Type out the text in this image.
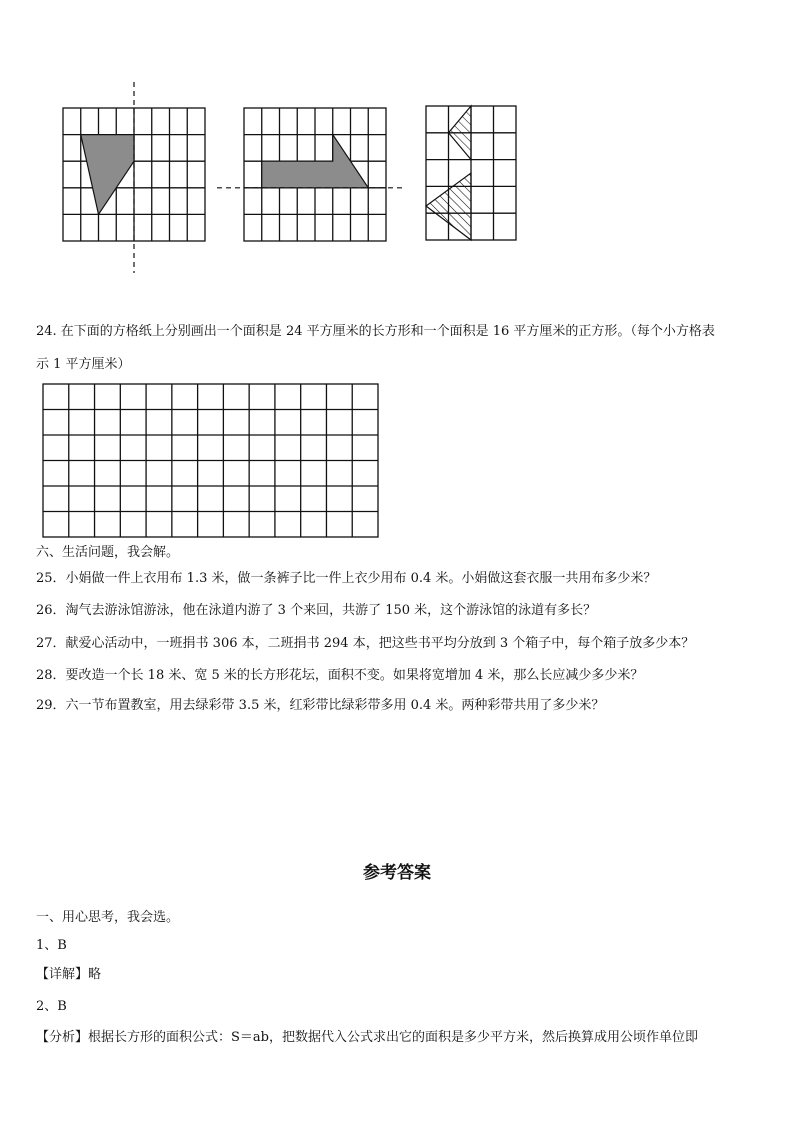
24. 在下面的方格纸上分别画出一个面积是 24 平方厘米的长方形和一个面积是 16 平方厘米的正方形。（每个小方格表
示 1 平方厘米）
六、生活问题，我会解。
25．小娟做一件上衣用布 1.3 米，做一条裤子比一件上衣少用布 0.4 米。小娟做这套衣服一共用布多少米？
26．淘气去游泳馆游泳，他在泳道内游了 3 个来回，共游了 150 米，这个游泳馆的泳道有多长？
27．献爱心活动中，一班捐书 306 本，二班捐书 294 本，把这些书平均分放到 3 个箱子中，每个箱子放多少本？
28．要改造一个长 18 米、宽 5 米的长方形花坛，面积不变。如果将宽增加 4 米，那么长应减少多少米？
29．六一节布置教室，用去绿彩带 3.5 米，红彩带比绿彩带多用 0.4 米。两种彩带共用了多少米？
参考答案
一、用心思考，我会选。
1、B
【详解】略
2、B
【分析】根据长方形的面积公式：S＝ab，把数据代入公式求出它的面积是多少平方米，然后换算成用公顷作单位即
